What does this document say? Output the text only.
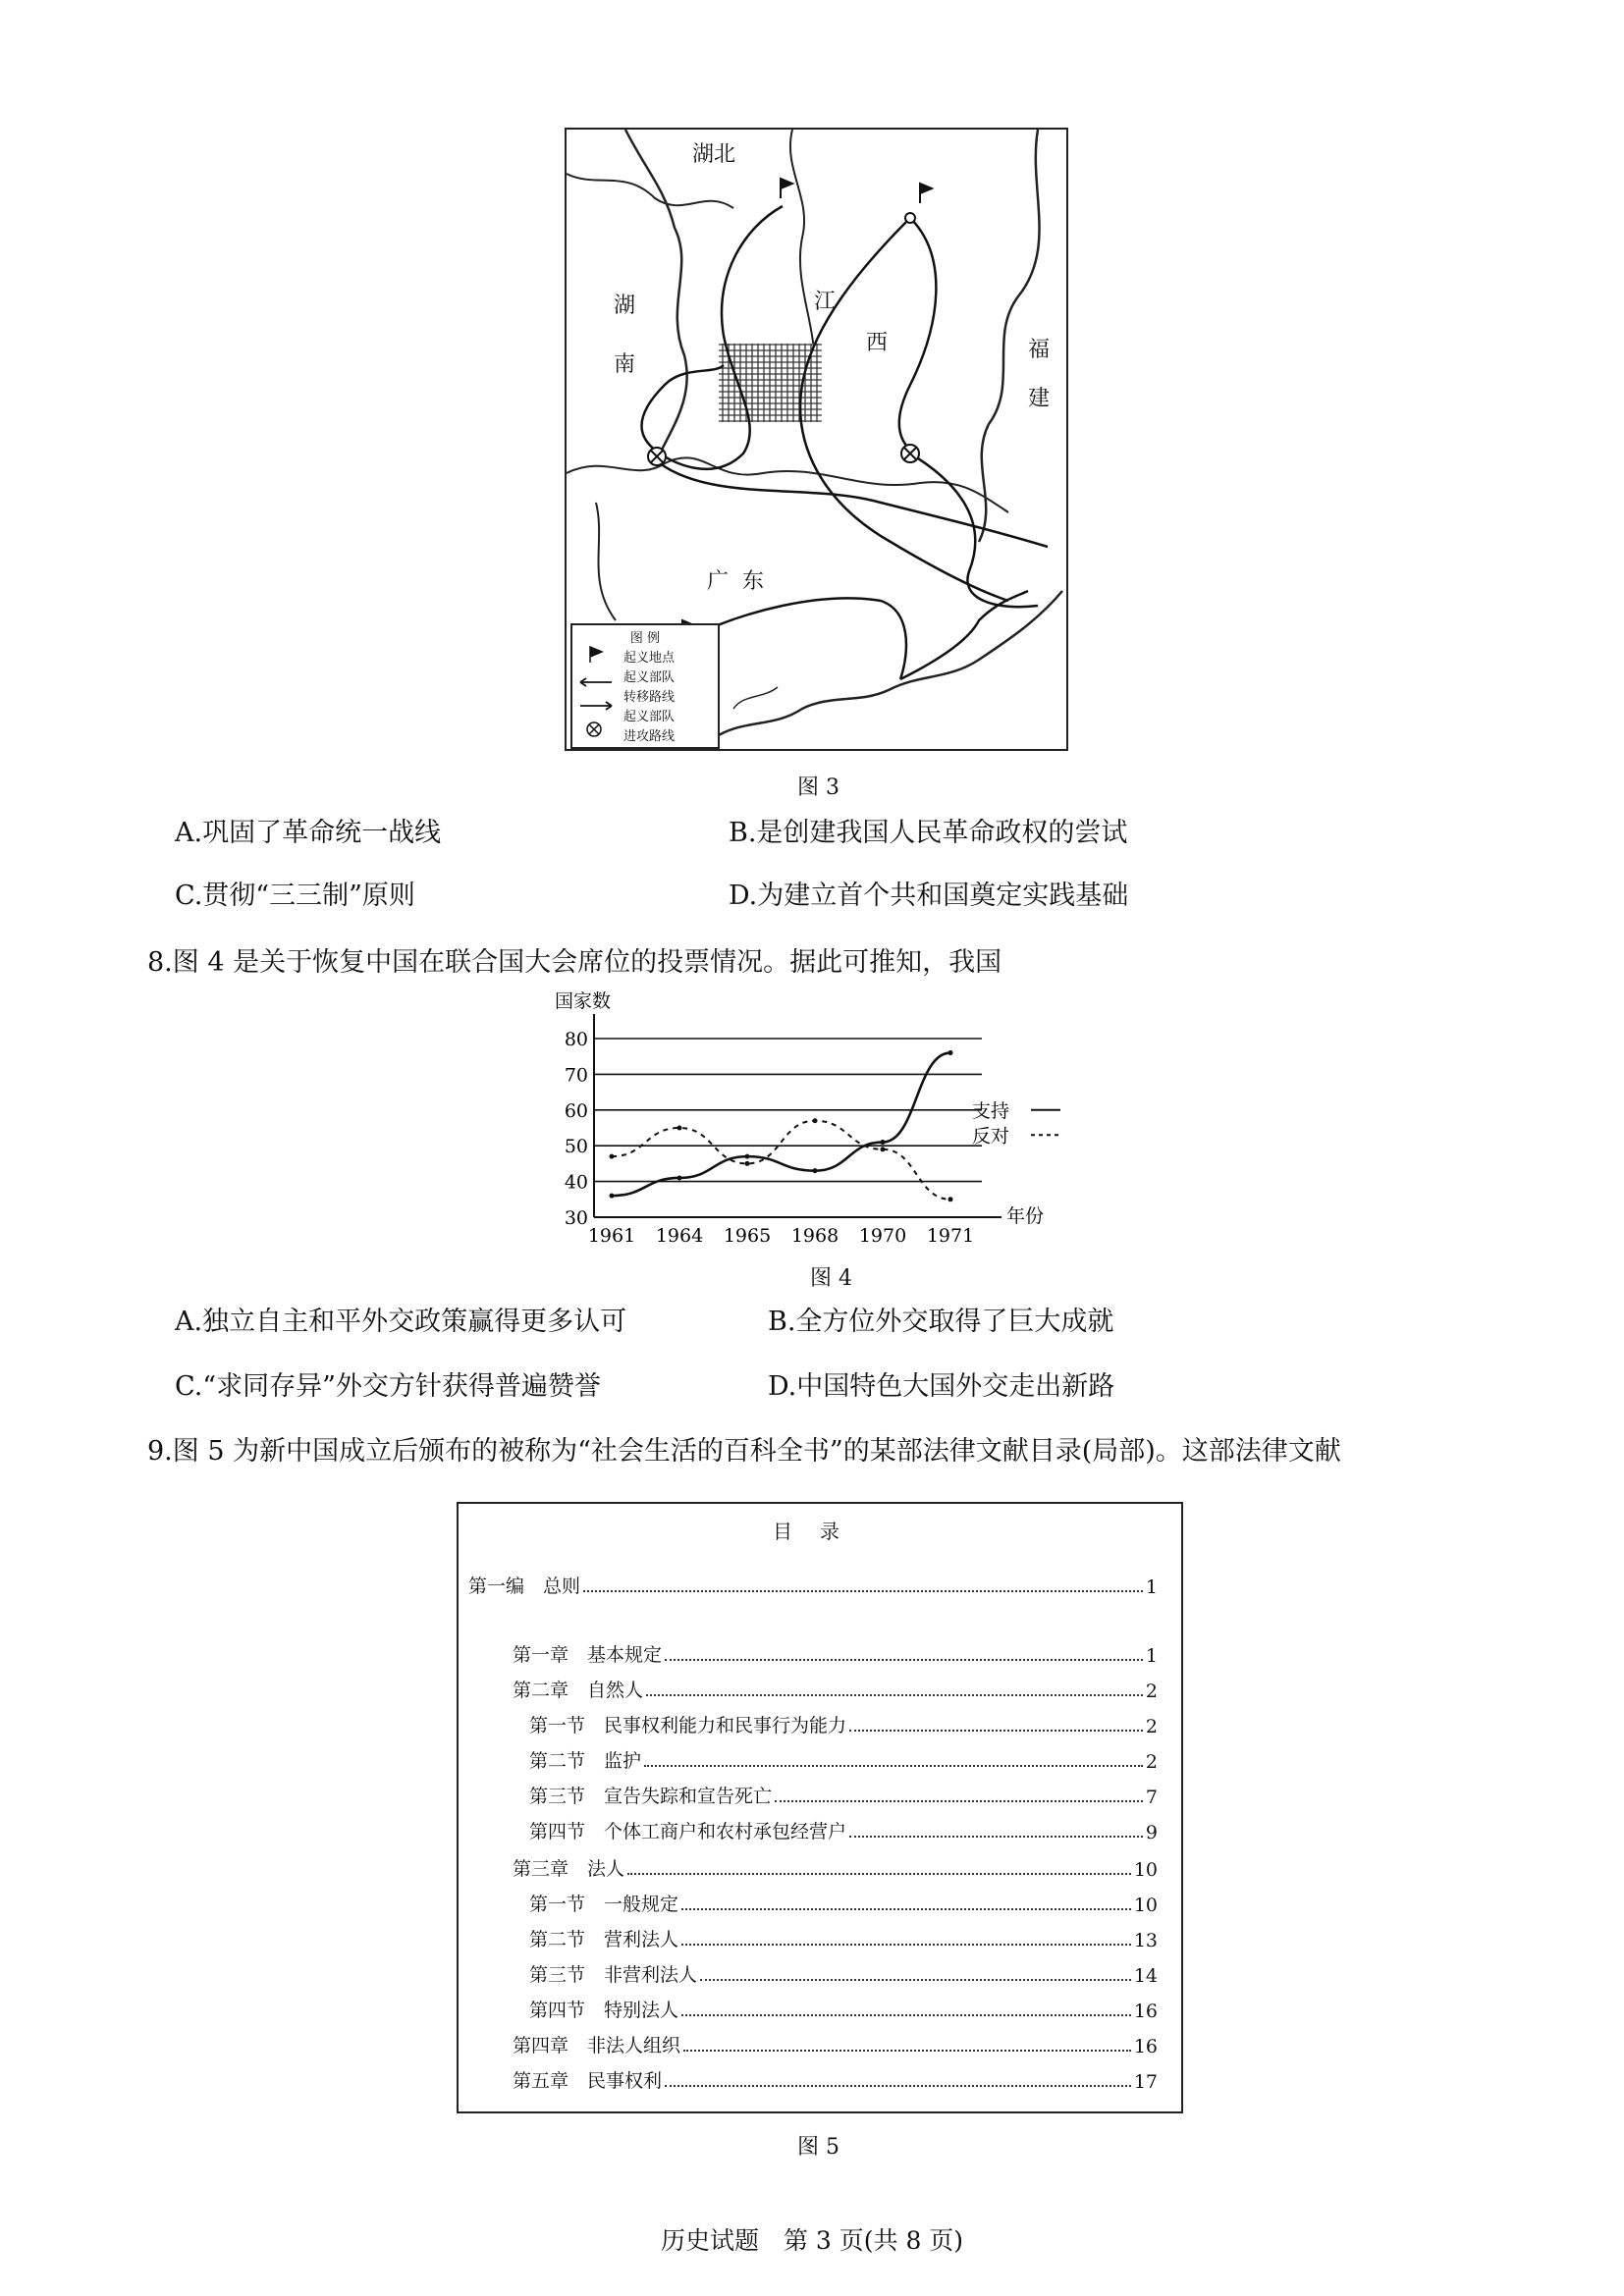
湖北
湖
南
江
西	福
建
广  东
图 例
起义地点
起义部队
转移路线
起义部队
进攻路线
图 3
A.巩固了革命统一战线	B.是创建我国人民革命政权的尝试
C.贯彻“三三制”原则	D.为建立首个共和国奠定实践基础
8.图 4 是关于恢复中国在联合国大会席位的投票情况。据此可推知，我国
30
40
50
60
70
80
1961 1964 1965 1968 1970 1971
国家数
年份
支持
反对
图 4
A.独立自主和平外交政策赢得更多认可	B.全方位外交取得了巨大成就
C.“求同存异”外交方针获得普遍赞誉	D.中国特色大国外交走出新路
9.图 5 为新中国成立后颁布的被称为“社会生活的百科全书”的某部法律文献目录(局部)。这部法律文献
目录
第一编　总则	1
第一章　基本规定	1
第二章　自然人	2
第一节　民事权利能力和民事行为能力	2
第二节　监护	2
第三节　宣告失踪和宣告死亡	7
第四节　个体工商户和农村承包经营户	9
第三章　法人	10
第一节　一般规定	10
第二节　营利法人	13
第三节　非营利法人	14
第四节　特别法人	16
第四章　非法人组织	16
第五章　民事权利	17
图 5
历史试题　第 3 页(共 8 页)
